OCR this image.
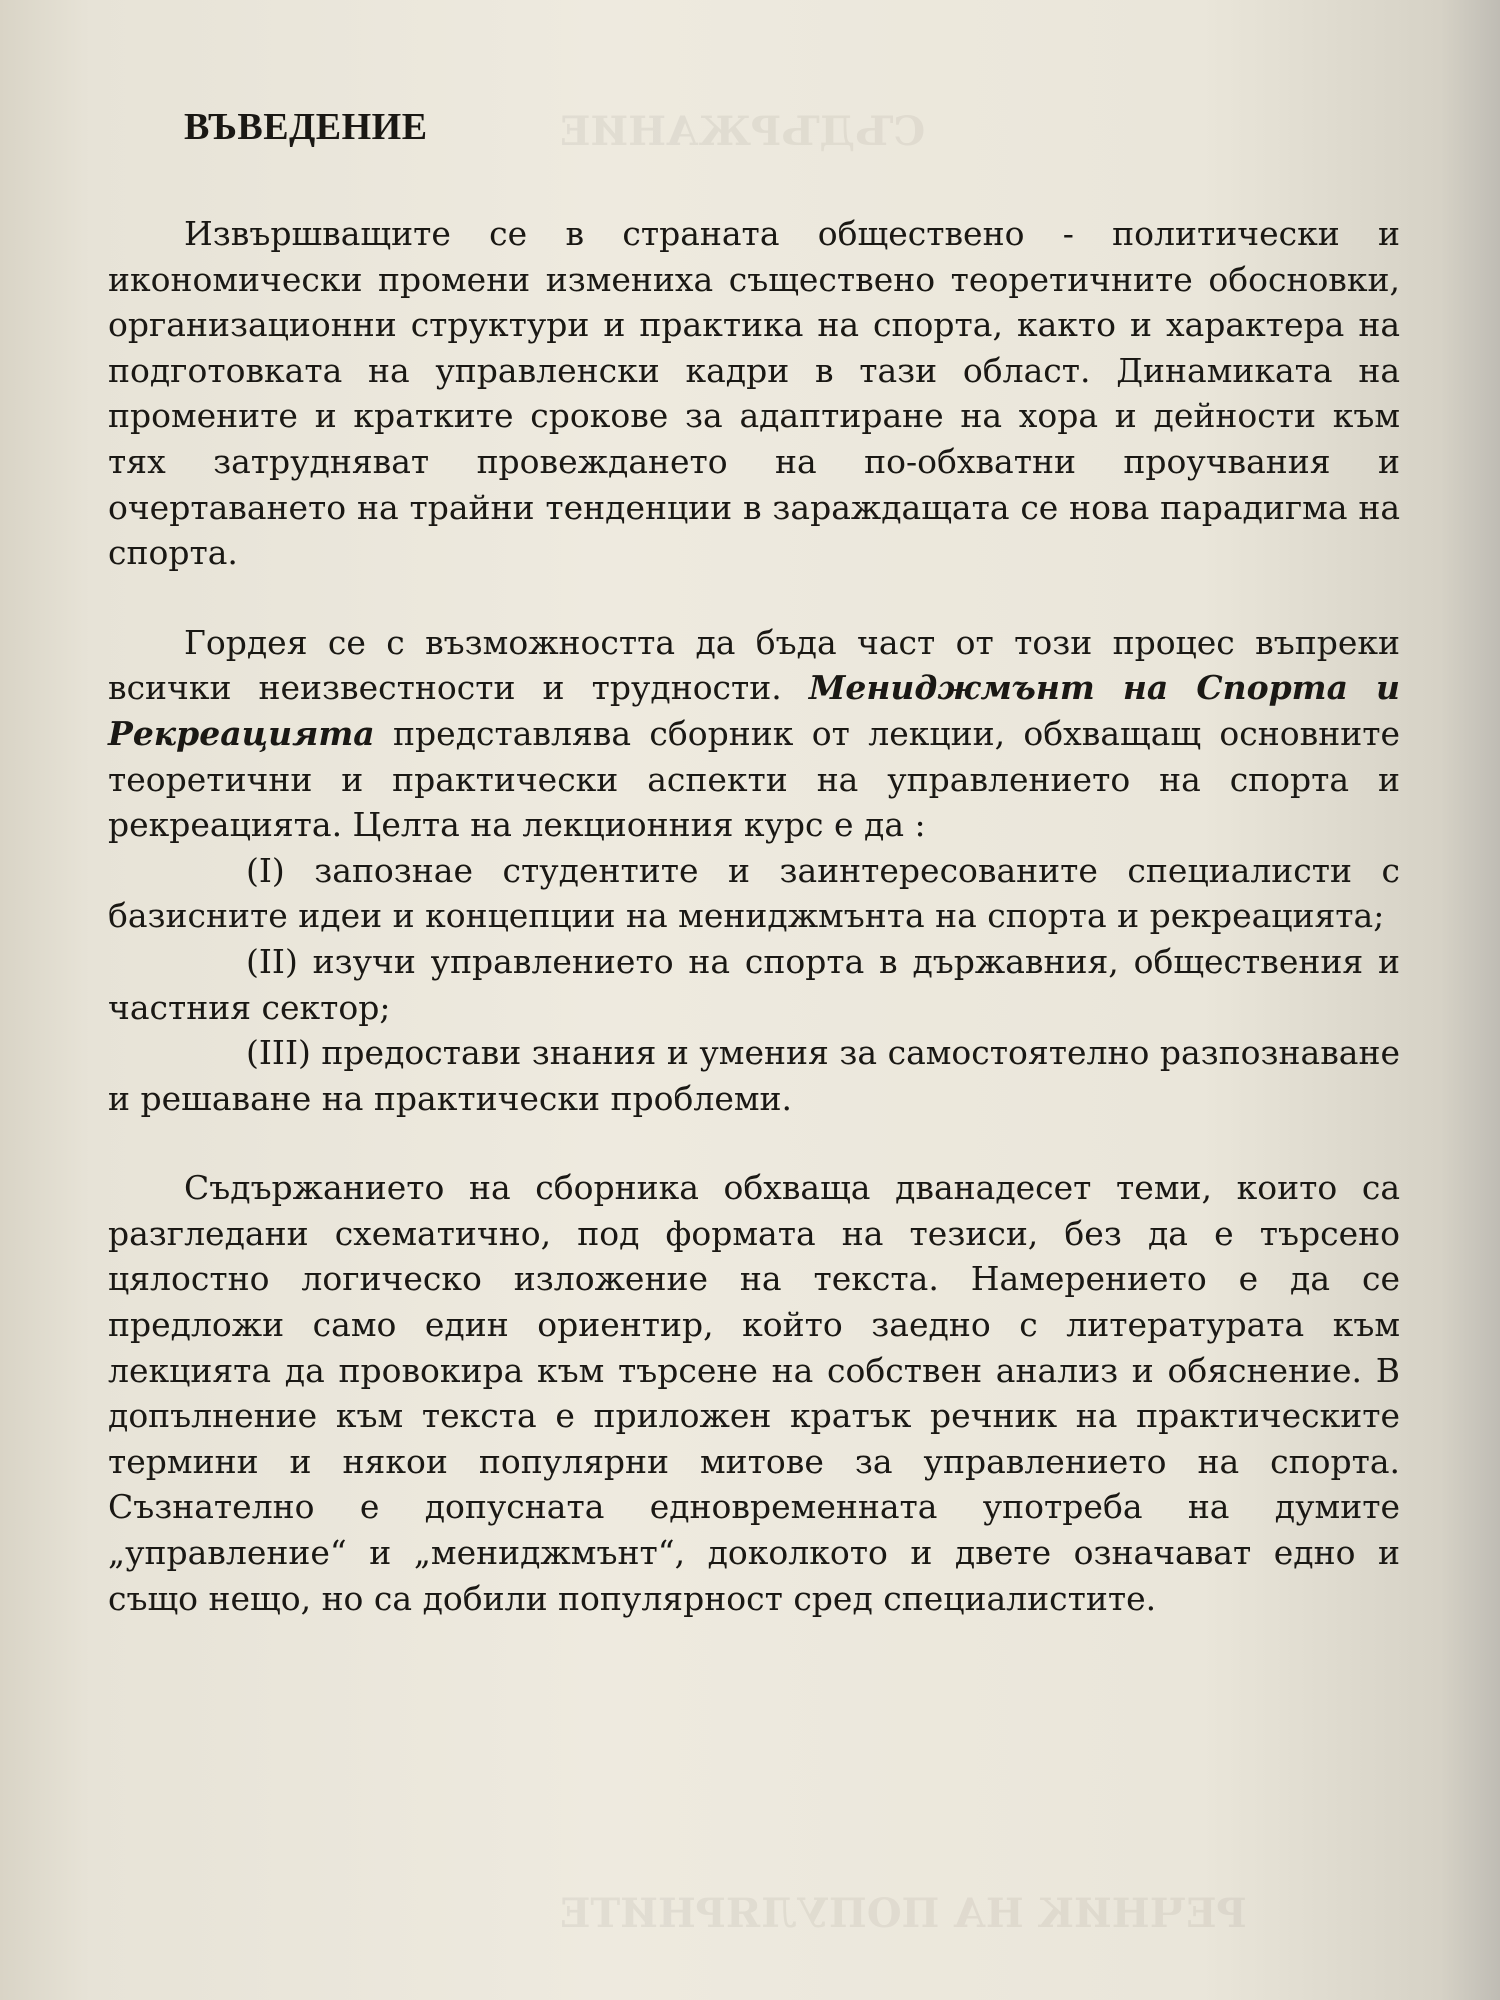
СЪДЪРЖАНИЕ
РЕЧНИК НА ПОПУЛЯРНИТЕ
ВЪВЕДЕНИЕ

Извършващите се в страната обществено - политически и икономически промени измениха съществено теоретичните обосновки, организационни структури и практика на спорта, както и характера на подготовката на управленски кадри в тази област. Динамиката на промените и кратките срокове за адаптиране на хора и дейности към тях затрудняват провеждането на по-обхватни проучвания и очертаването на трайни тенденции в зараждащата се нова парадигма на спорта.

Гордея се с възможността да бъда част от този процес въпреки всички неизвестности и трудности. Мениджмънт на Спорта и Рекреацията представлява сборник от лекции, обхващащ основните теоретични и практически аспекти на управлението на спорта и рекреацията. Целта на лекционния курс е да :

(I) запознае студентите и заинтересованите специалисти с базисните идеи и концепции на мениджмънта на спорта и рекреацията;

(II) изучи управлението на спорта в държавния, обществения и частния сектор;

(III) предостави знания и умения за самостоятелно разпознаване и решаване на практически проблеми.

Съдържанието на сборника обхваща дванадесет теми, които са разгледани схематично, под формата на тезиси, без да е търсено цялостно логическо изложение на текста. Намерението е да се предложи само един ориентир, който заедно с литературата към лекцията да провокира към търсене на собствен анализ и обяснение. В допълнение към текста е приложен кратък речник на практическите термини и някои популярни митове за управлението на спорта. Съзнателно е допусната едновременната употреба на думите „управление“ и „мениджмънт“, доколкото и двете означават едно и също нещо, но са добили популярност сред специалистите.
